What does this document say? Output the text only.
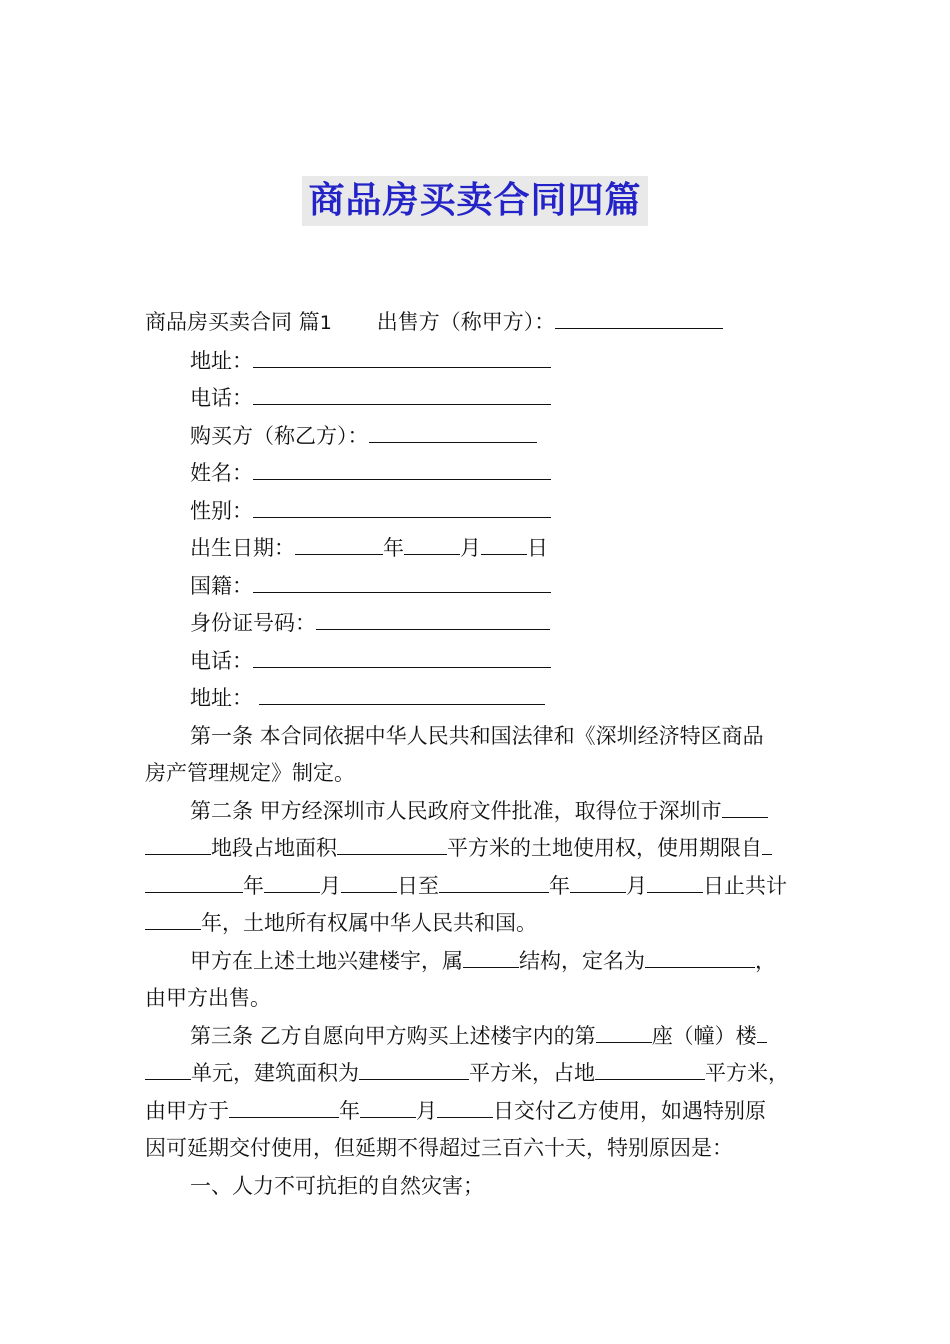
商品房买卖合同四篇
商品房买卖合同 篇1 出售方（称甲方）：
地址：
电话：
购买方（称乙方）：
姓名：
性别：
出生日期：	年	月 日
国籍：
身份证号码：
电话：
地址：
第一条 本合同依据中华人民共和国法律和《深圳经济特区商品
房产管理规定》制定。
第二条 甲方经深圳市人民政府文件批准，取得位于深圳市
地段占地面积	平方米的土地使用权，使用期限自
年	月	日至	年	月	日止共计
年，土地所有权属中华人民共和国。
甲方在上述土地兴建楼宇，属	结构，定名为	，
由甲方出售。
第三条 乙方自愿向甲方购买上述楼宇内的第	座（幢）楼
单元，建筑面积为	平方米，占地	平方米，
由甲方于	年	月	日交付乙方使用，如遇特别原
因可延期交付使用，但延期不得超过三百六十天，特别原因是：
一、人力不可抗拒的自然灾害；
